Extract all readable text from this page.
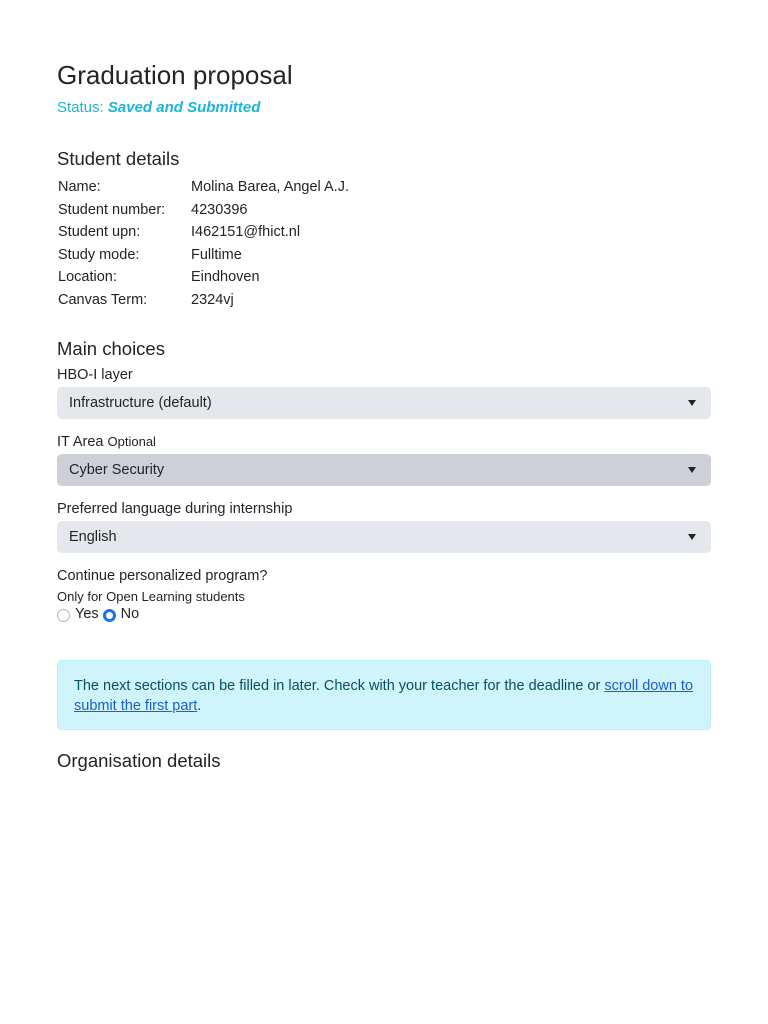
Graduation proposal
Status: Saved and Submitted
Student details
Name:	Molina Barea, Angel A.J.
Student number:	4230396
Student upn:	I462151@fhict.nl
Study mode:	Fulltime
Location:	Eindhoven
Canvas Term:	2324vj
Main choices
HBO-I layer
Infrastructure (default)
IT Area Optional
Cyber Security
Preferred language during internship
English
Continue personalized program?
Only for Open Learning students
Yes No
The next sections can be filled in later. Check with your teacher for the deadline or scroll down to submit the first part.
Organisation details
